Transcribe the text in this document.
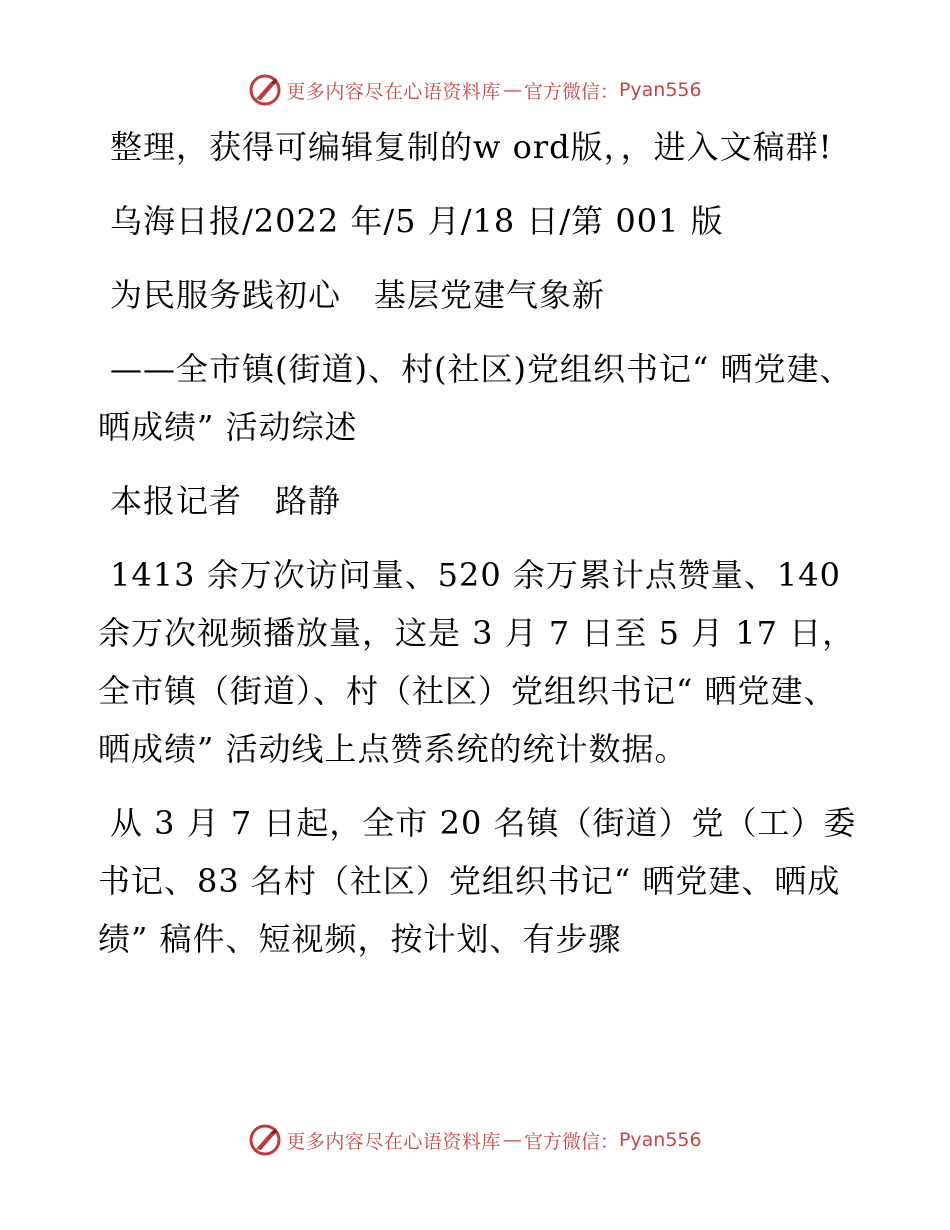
更多内容尽在心语资料库 — 官方微信： Pyan556

整理，获得可编辑复制的w ord版，，进入文稿群!

乌海日报/2022 年/5 月/18 日/第 001 版

为民服务践初心　基层党建气象新

——全市镇(街道)、村(社区)党组织书记“ 晒党建、晒成绩” 活动综述

本报记者　路静

1413 余万次访问量、520 余万累计点赞量、140 余万次视频播放量，这是 3 月 7 日至 5 月 17 日，全市镇（街道）、村（社区）党组织书记“ 晒党建、晒成绩” 活动线上点赞系统的统计数据。

从 3 月 7 日起，全市 20 名镇（街道）党（工）委书记、83 名村（社区）党组织书记“ 晒党建、晒成绩” 稿件、短视频，按计划、有步骤

更多内容尽在心语资料库 — 官方微信： Pyan556
